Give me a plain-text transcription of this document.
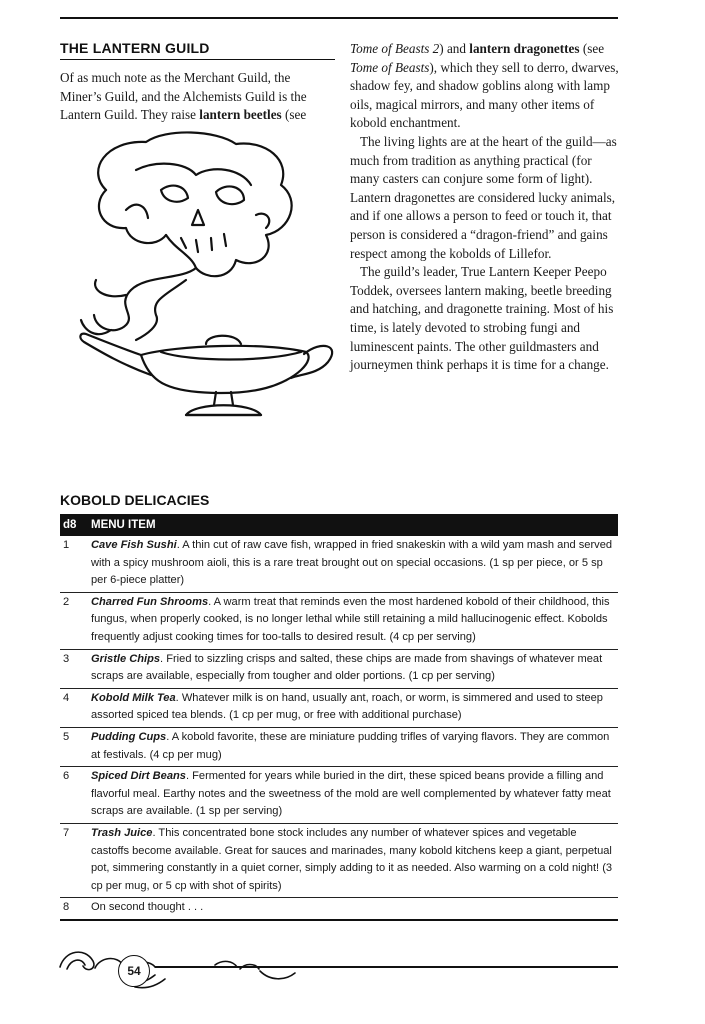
THE LANTERN GUILD

Of as much note as the Merchant Guild, the Miner’s Guild, and the Alchemists Guild is the Lantern Guild. They raise lantern beetles (see

Tome of Beasts 2) and lantern dragonettes (see Tome of Beasts), which they sell to derro, dwarves, shadow fey, and shadow goblins along with lamp oils, magical mirrors, and many other items of kobold enchantment.

The living lights are at the heart of the guild—as much from tradition as anything practical (for many casters can conjure some form of light). Lantern dragonettes are considered lucky animals, and if one allows a person to feed or touch it, that person is considered a “dragon-friend” and gains respect among the kobolds of Lillefor.

The guild’s leader, True Lantern Keeper Peepo Toddek, oversees lantern making, beetle breeding and hatching, and dragonette training. Most of his time, is lately devoted to strobing fungi and luminescent paints. The other guildmasters and journeymen think perhaps it is time for a change.

KOBOLD DELICACIES
d8	MENU ITEM
1	Cave Fish Sushi. A thin cut of raw cave fish, wrapped in fried snakeskin with a wild yam mash and served with a spicy mushroom aioli, this is a rare treat brought out on special occasions. (1 sp per piece, or 5 sp per 6-piece platter)
2	Charred Fun Shrooms. A warm treat that reminds even the most hardened kobold of their childhood, this fungus, when properly cooked, is no longer lethal while still retaining a mild hallucinogenic effect. Kobolds frequently adjust cooking times for too-talls to desired result. (4 cp per serving)
3	Gristle Chips. Fried to sizzling crisps and salted, these chips are made from shavings of whatever meat scraps are available, especially from tougher and older portions. (1 cp per serving)
4	Kobold Milk Tea. Whatever milk is on hand, usually ant, roach, or worm, is simmered and used to steep assorted spiced tea blends. (1 cp per mug, or free with additional purchase)
5	Pudding Cups. A kobold favorite, these are miniature pudding trifles of varying flavors. They are common at festivals. (4 cp per mug)
6	Spiced Dirt Beans. Fermented for years while buried in the dirt, these spiced beans provide a filling and flavorful meal. Earthy notes and the sweetness of the mold are well complemented by whatever fatty meat scraps are available. (1 sp per serving)
7	Trash Juice. This concentrated bone stock includes any number of whatever spices and vegetable castoffs become available. Great for sauces and marinades, many kobold kitchens keep a giant, perpetual pot, simmering constantly in a quiet corner, simply adding to it as needed. Also warming on a cold night! (3 cp per mug, or 5 cp with shot of spirits)
8	On second thought . . .
54
